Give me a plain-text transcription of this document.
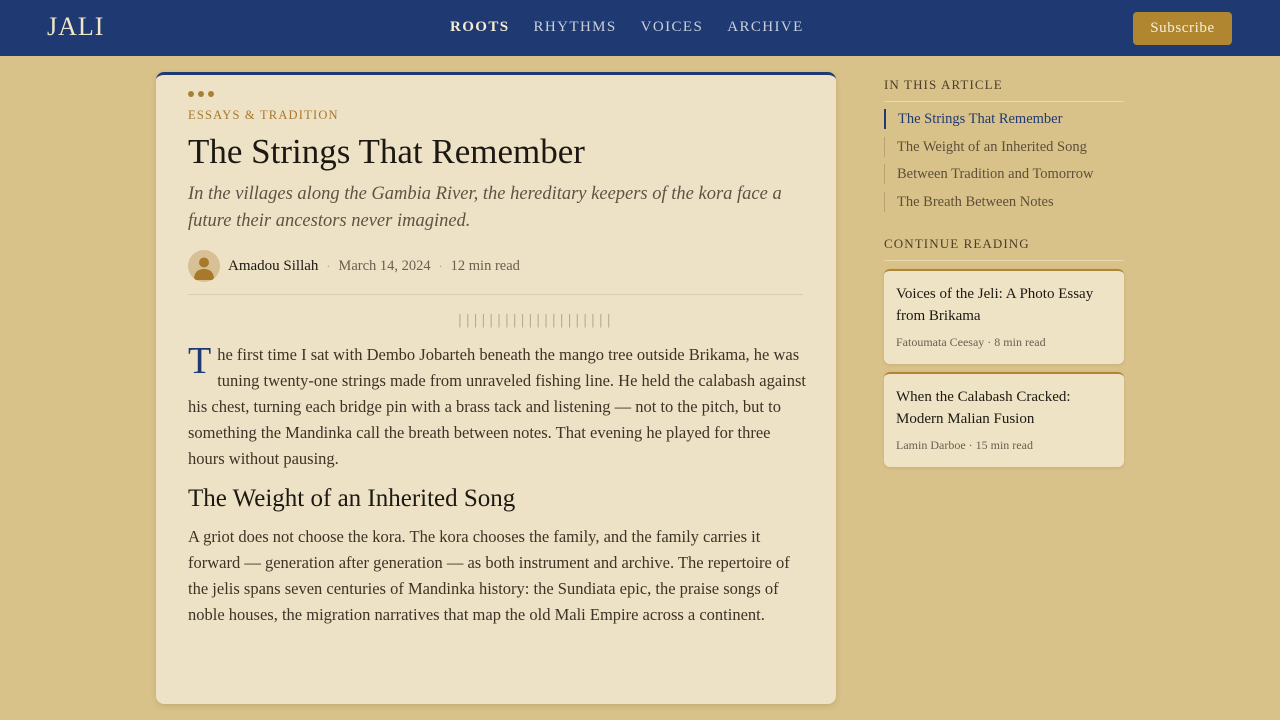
JALI	ROOTS RHYTHMS VOICES ARCHIVE	Subscribe
ESSAYS & TRADITION
The Strings That Remember

In the villages along the Gambia River, the hereditary keepers of the kora face a future their ancestors never imagined.

Amadou Sillah · March 14, 2024 · 12 min read
||||||||||||||||||||

The first time I sat with Dembo Jobarteh beneath the mango tree outside Brikama, he was tuning twenty-one strings made from unraveled fishing line. He held the calabash against his chest, turning each bridge pin with a brass tack and listening — not to the pitch, but to something the Mandinka call the breath between notes. That evening he played for three hours without pausing.

The Weight of an Inherited Song

A griot does not choose the kora. The kora chooses the family, and the family carries it forward — generation after generation — as both instrument and archive. The repertoire of the jelis spans seven centuries of Mandinka history: the Sundiata epic, the praise songs of noble houses, the migration narratives that map the old Mali Empire across a continent.

IN THIS ARTICLE
The Strings That Remember
The Weight of an Inherited Song
Between Tradition and Tomorrow
The Breath Between Notes
CONTINUE READING
Voices of the Jeli: A Photo Essay from Brikama
Fatoumata Ceesay · 8 min read
When the Calabash Cracked: Modern Malian Fusion
Lamin Darboe · 15 min read
